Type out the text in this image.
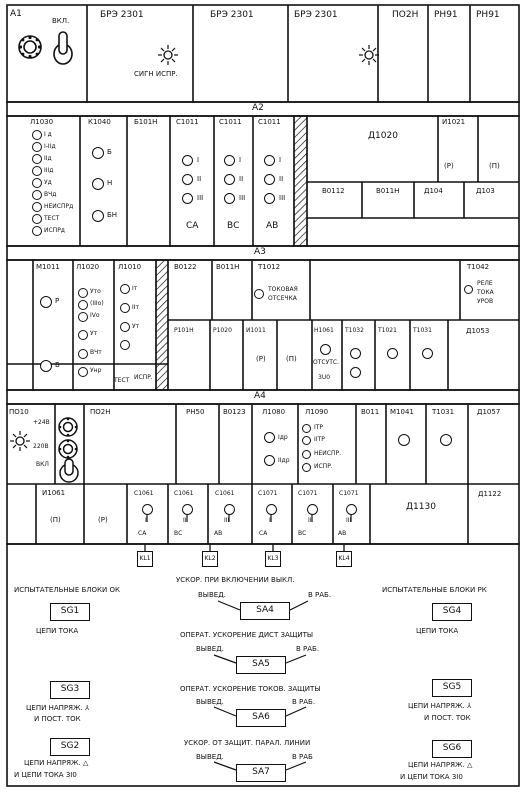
А1	БРЭ 2301	БРЭ 2301	БРЭ 2301	ПО2Н РН91 РН91
ВКЛ.
СИГН ИСПР.
А2
Л1030	К1040	Б101Н	С1011	С1011 С1011
Д1020
И1021
В0112	В011Н	Д104	Д103
I д
I-IIд
IIд
IIIд
Уд
ВЧд
НЕИСПРд
ТЕСТ
ИСПРд
Б
Н
БН
I
II
III
СА
I
II
III
ВС
I
II
III
АВ
(Р)	(П)
А3
М1011 Л1020	Л1010	В0122	В011Н	Т1012	Т1042
Р101Н	Р1020 И1011	Н1061 Т1032 Т1021	Т1031	Д1053
Р
Б
Уто
(IIIо)
IVо
Ут
ВЧт
Унр
Iт
IIт
Ут
ТЕСТ ИСПР.
ТОКОВАЯ
ОТСЕЧКА
РЕЛЕ
ТОКА
УРОВ
(Р)	(П)	ОТСУТС.
3U0
А4
ПО10	ПО2Н	РН50	В0123 Л1080	Л1090	В011 М1041	Т1031	Д1057
И1061	С1061	С1061	С1061	С1071	С1071	С1071
Д1130
Д1122
+24В
220В
ВКЛ
Iдр
IIдр
IТР
IIТР
НЕИСПР.
ИСПР.
(П)	(Р)	I
СА
II
ВС
III
АВ
I
СА
II
ВС
III
АВ
KL1	KL2	KL3	KL4
ИСПЫТАТЕЛЬНЫЕ БЛОКИ ОК	ИСПЫТАТЕЛЬНЫЕ БЛОКИ РК
SG1
ЦЕПИ ТОКА
SG3
ЦЕПИ НАПРЯЖ. ⅄
И ПОСТ. ТОК
SG2
ЦЕПИ НАПРЯЖ. △
И ЦЕПИ ТОКА 3I0
SG4
ЦЕПИ ТОКА
SG5
ЦЕПИ НАПРЯЖ. ⅄
И ПОСТ. ТОК
SG6
ЦЕПИ НАПРЯЖ. △
И ЦЕПИ ТОКА 3I0
УСКОР. ПРИ ВКЛЮЧЕНИИ ВЫКЛ.
ВЫВЕД.	В РАБ.
SA4
ОПЕРАТ. УСКОРЕНИЕ ДИСТ ЗАЩИТЫ
ВЫВЕД.	В РАБ.
SA5
ОПЕРАТ. УСКОРЕНИЕ ТОКОВ. ЗАЩИТЫ
ВЫВЕД.	В РАБ.
SA6
УСКОР. ОТ ЗАЩИТ. ПАРАЛ. ЛИНИИ
ВЫВЕД.	В РАБ
SA7
